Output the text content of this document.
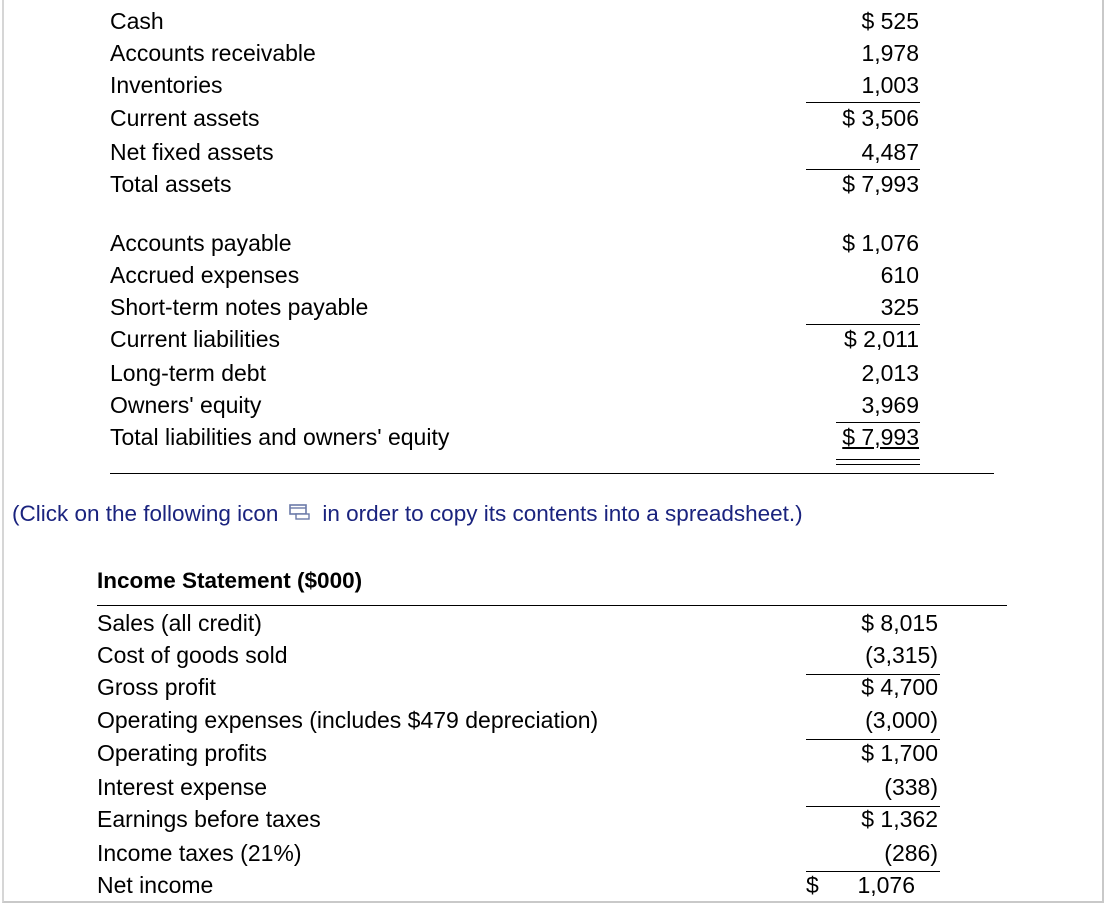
Cash	$ 525
Accounts receivable	1,978
Inventories	1,003
Current assets	$ 3,506
Net fixed assets	4,487
Total assets	$ 7,993
Accounts payable	$ 1,076
Accrued expenses	610
Short-term notes payable	325
Current liabilities	$ 2,011
Long-term debt	2,013
Owners' equity	3,969
Total liabilities and owners' equity	$ 7,993
(Click on the following icon in order to copy its contents into a spreadsheet.)
Income Statement ($000)
Sales (all credit)	$ 8,015
Cost of goods sold	(3,315)
Gross profit	$ 4,700
Operating expenses (includes $479 depreciation)	(3,000)
Operating profits	$ 1,700
Interest expense	(338)
Earnings before taxes	$ 1,362
Income taxes (21%)	(286)
Net income	$ 1,076
